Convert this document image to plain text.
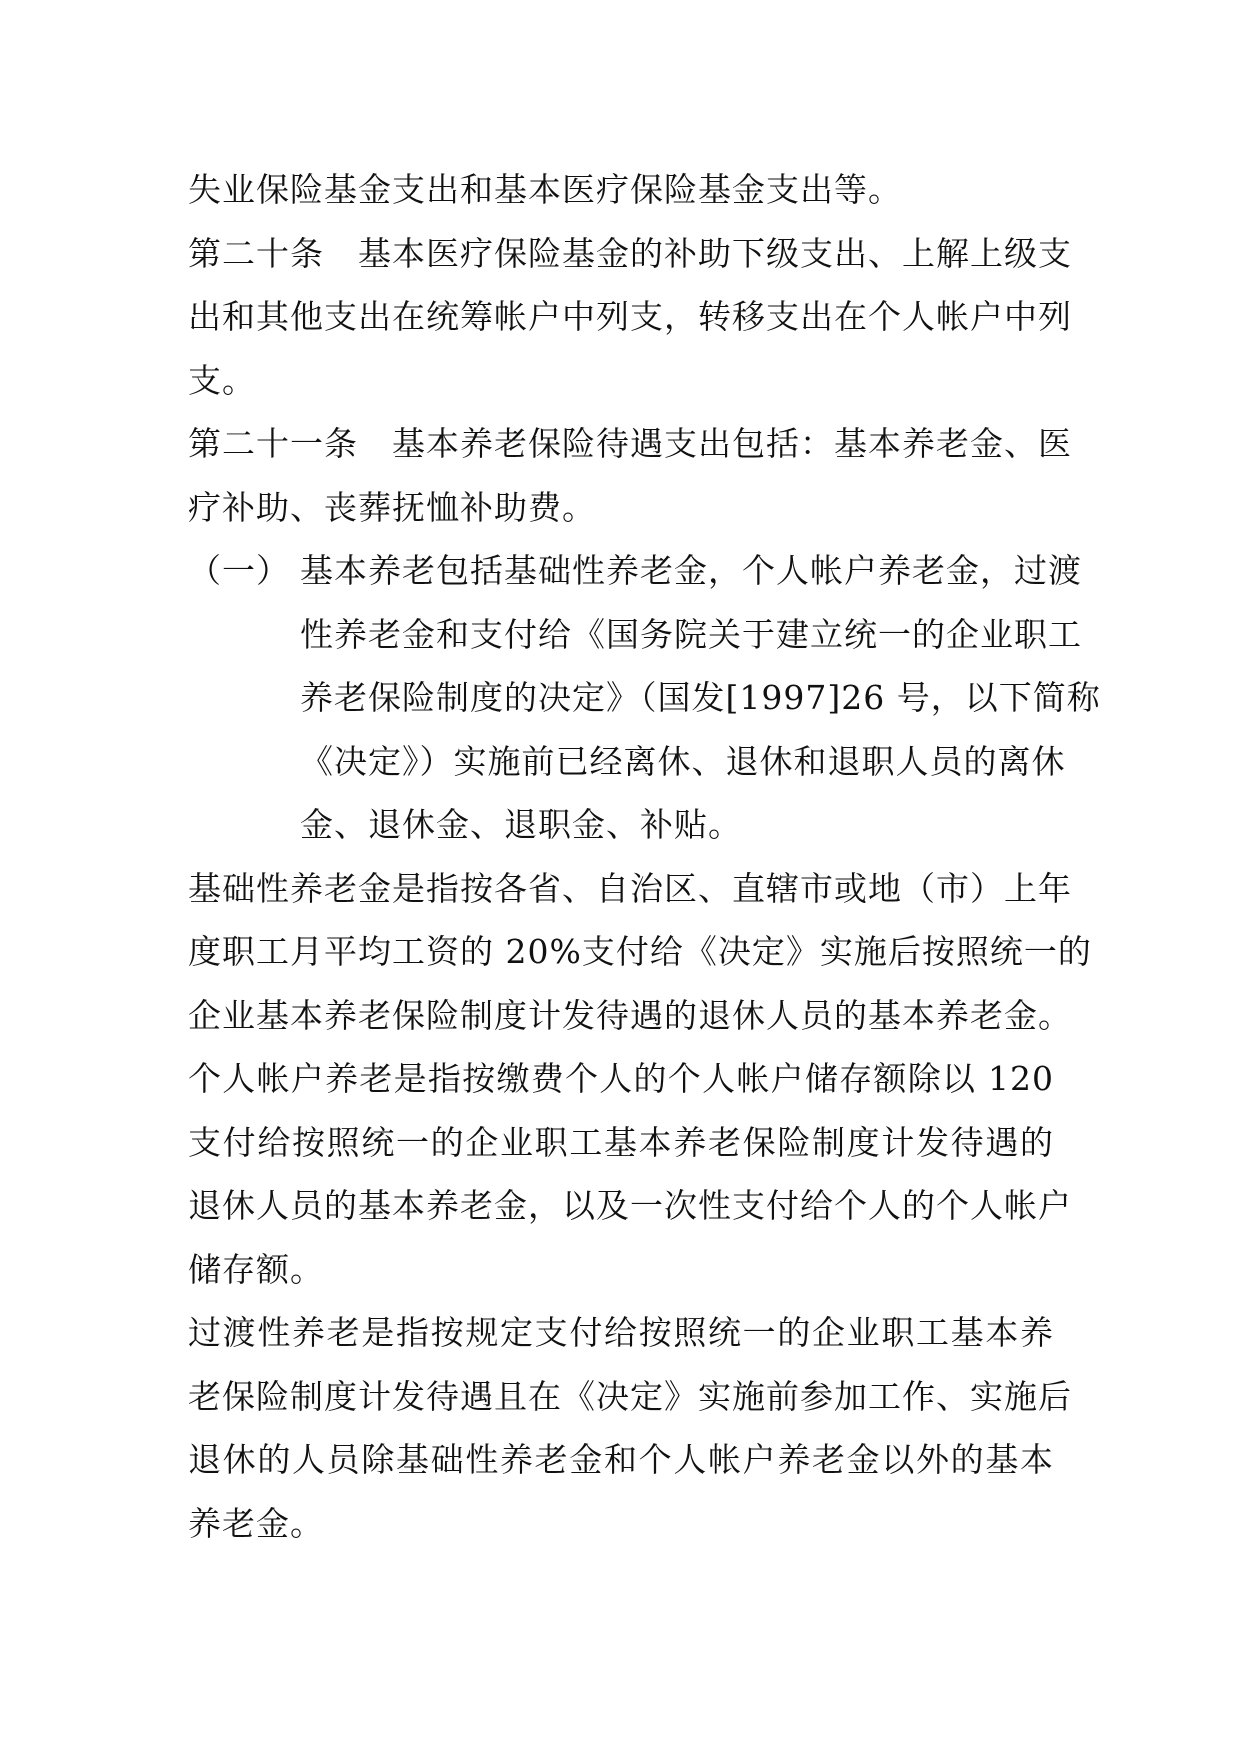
失业保险基金支出和基本医疗保险基金支出等。
第二十条　基本医疗保险基金的补助下级支出、上解上级支
出和其他支出在统筹帐户中列支，转移支出在个人帐户中列
支。
第二十一条　基本养老保险待遇支出包括：基本养老金、医
疗补助、丧葬抚恤补助费。
（一） 基本养老包括基础性养老金，个人帐户养老金，过渡
性养老金和支付给《国务院关于建立统一的企业职工
养老保险制度的决定》（国发[1997]26 号，以下简称
《决定》）实施前已经离休、退休和退职人员的离休
金、退休金、退职金、补贴。
基础性养老金是指按各省、自治区、直辖市或地（市）上年
度职工月平均工资的 20%支付给《决定》实施后按照统一的
企业基本养老保险制度计发待遇的退休人员的基本养老金。
个人帐户养老是指按缴费个人的个人帐户储存额除以 120
支付给按照统一的企业职工基本养老保险制度计发待遇的
退休人员的基本养老金，以及一次性支付给个人的个人帐户
储存额。
过渡性养老是指按规定支付给按照统一的企业职工基本养
老保险制度计发待遇且在《决定》实施前参加工作、实施后
退休的人员除基础性养老金和个人帐户养老金以外的基本
养老金。
